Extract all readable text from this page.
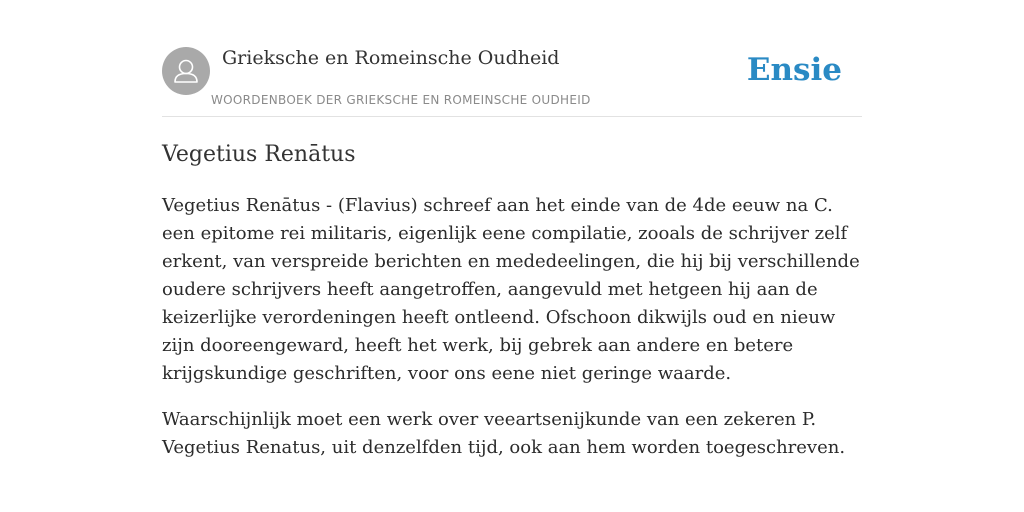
Grieksche en Romeinsche Oudheid
WOORDENBOEK DER GRIEKSCHE EN ROMEINSCHE OUDHEID
Ensie
Vegetius Renātus

Vegetius Renātus - (Flavius) schreef aan het einde van de 4de eeuw na C. een epitome rei militaris, eigenlijk eene compilatie, zooals de schrijver zelf erkent, van verspreide berichten en mededeelingen, die hij bij verschillende oudere schrijvers heeft aangetroffen, aangevuld met hetgeen hij aan de keizerlijke verordeningen heeft ontleend. Ofschoon dikwijls oud en nieuw zijn dooreengeward, heeft het werk, bij gebrek aan andere en betere krijgskundige geschriften, voor ons eene niet geringe waarde.

Waarschijnlijk moet een werk over veeartsenijkunde van een zekeren P. Vegetius Renatus, uit denzelfden tijd, ook aan hem worden toegeschreven.
